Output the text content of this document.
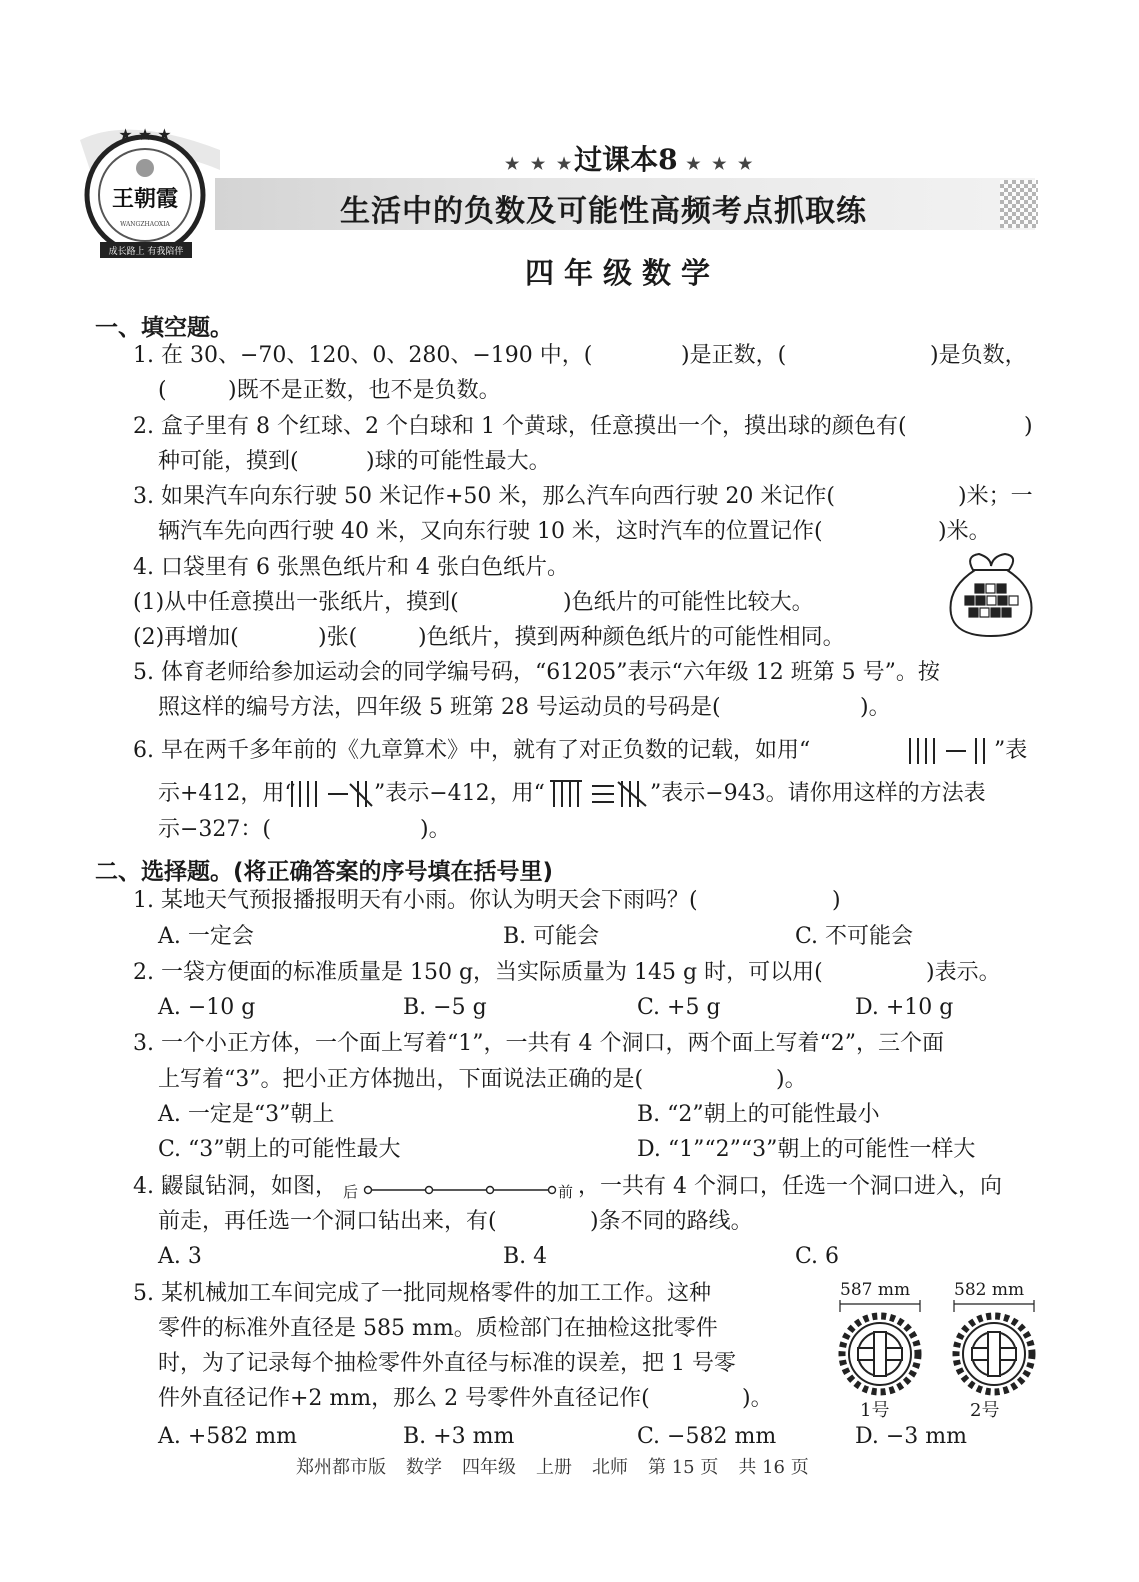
★ ★ ★
王朝霞
WANGZHAOXIA
成长路上 有我陪伴
★ ★ ★过课本8 ★ ★ ★
生活中的负数及可能性高频考点抓取练
四年级数学
一、填空题。
1. 在 30、−70、120、0、280、−190 中，(	)是正数，(	)是负数，
(	)既不是正数，也不是负数。
2. 盒子里有 8 个红球、2 个白球和 1 个黄球，任意摸出一个，摸出球的颜色有(	)
种可能，摸到(	)球的可能性最大。
3. 如果汽车向东行驶 50 米记作+50 米，那么汽车向西行驶 20 米记作(	)米；一
辆汽车先向西行驶 40 米，又向东行驶 10 米，这时汽车的位置记作(	)米。
4. 口袋里有 6 张黑色纸片和 4 张白色纸片。
(1)从中任意摸出一张纸片，摸到(	)色纸片的可能性比较大。
(2)再增加(	)张(	)色纸片，摸到两种颜色纸片的可能性相同。
5. 体育老师给参加运动会的同学编号码，“61205”表示“六年级 12 班第 5 号”。按
照这样的编号方法，四年级 5 班第 28 号运动员的号码是(	)。
6. 早在两千多年前的《九章算术》中，就有了对正负数的记载，如用“	”表
示+412，用“	”表示−412，用“	”表示−943。请你用这样的方法表
示−327：(	)。
二、选择题。(将正确答案的序号填在括号里)
1. 某地天气预报播报明天有小雨。你认为明天会下雨吗？(	)
A. 一定会	B. 可能会	C. 不可能会
2. 一袋方便面的标准质量是 150 g，当实际质量为 145 g 时，可以用(	)表示。
A. −10 g	B. −5 g	C. +5 g	D. +10 g
3. 一个小正方体，一个面上写着“1”，一共有 4 个洞口，两个面上写着“2”，三个面
上写着“3”。把小正方体抛出，下面说法正确的是(	)。
A. 一定是“3”朝上	B. “2”朝上的可能性最小
C. “3”朝上的可能性最大	D. “1”“2”“3”朝上的可能性一样大
4. 鼹鼠钻洞，如图， 后	前 ，一共有 4 个洞口，任选一个洞口进入，向
前走，再任选一个洞口钻出来，有(	)条不同的路线。
A. 3	B. 4	C. 6
5. 某机械加工车间完成了一批同规格零件的加工工作。这种
零件的标准外直径是 585 mm。质检部门在抽检这批零件
时，为了记录每个抽检零件外直径与标准的误差，把 1 号零
件外直径记作+2 mm，那么 2 号零件外直径记作(	)。
A. +582 mm	B. +3 mm	C. −582 mm	D. −3 mm
587 mm	582 mm
1号	2号
郑州都市版 数学 四年级 上册 北师 第 15 页 共 16 页
